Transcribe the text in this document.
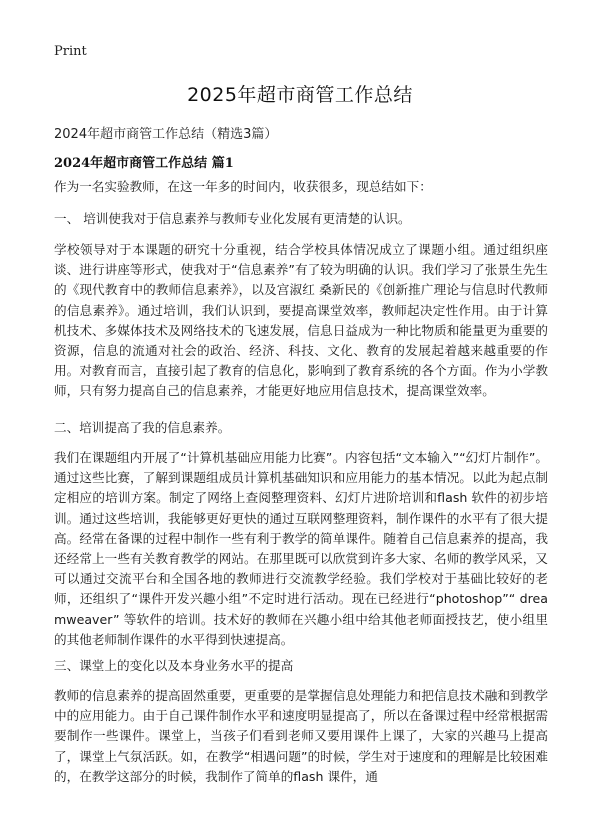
Print
2025年超市商管工作总结
2024年超市商管工作总结（精选3篇）
2024年超市商管工作总结 篇1
作为一名实验教师，在这一年多的时间内，收获很多，现总结如下：
一、 培训使我对于信息素养与教师专业化发展有更清楚的认识。
学校领导对于本课题的研究十分重视，结合学校具体情况成立了课题小组。通过组织座谈、进行讲座等形式，使我对于“信息素养”有了较为明确的认识。我们学习了张景生先生的《现代教育中的教师信息素养》，以及宫淑红 桑新民的《创新推广理论与信息时代教师的信息素养》。通过培训，我们认识到，要提高课堂效率，教师起决定性作用。由于计算机技术、多媒体技术及网络技术的飞速发展，信息日益成为一种比物质和能量更为重要的资源，信息的流通对社会的政治、经济、科技、文化、教育的发展起着越来越重要的作用。对教育而言，直接引起了教育的信息化，影响到了教育系统的各个方面。作为小学教师，只有努力提高自己的信息素养，才能更好地应用信息技术，提高课堂效率。
二、培训提高了我的信息素养。
我们在课题组内开展了“计算机基础应用能力比赛”。内容包括“文本输入”“幻灯片制作”。通过这些比赛，了解到课题组成员计算机基础知识和应用能力的基本情况。以此为起点制定相应的培训方案。制定了网络上查阅整理资料、幻灯片进阶培训和flash 软件的初步培训。通过这些培训，我能够更好更快的通过互联网整理资料，制作课件的水平有了很大提高。经常在备课的过程中制作一些有利于教学的简单课件。随着自己信息素养的提高，我还经常上一些有关教育教学的网站。在那里既可以欣赏到许多大家、名师的教学风采，又可以通过交流平台和全国各地的教师进行交流教学经验。我们学校对于基础比较好的老师，还组织了“课件开发兴趣小组”不定时进行活动。现在已经进行“photoshop”“ dreamweaver” 等软件的培训。技术好的教师在兴趣小组中给其他老师面授技艺，使小组里的其他老师制作课件的水平得到快速提高。
三、课堂上的变化以及本身业务水平的提高
教师的信息素养的提高固然重要，更重要的是掌握信息处理能力和把信息技术融和到教学中的应用能力。由于自己课件制作水平和速度明显提高了，所以在备课过程中经常根据需要制作一些课件。课堂上，当孩子们看到老师又要用课件上课了，大家的兴趣马上提高了，课堂上气氛活跃。如，在教学“相遇问题”的时候，学生对于速度和的理解是比较困难的，在教学这部分的时候，我制作了简单的flash 课件，通
